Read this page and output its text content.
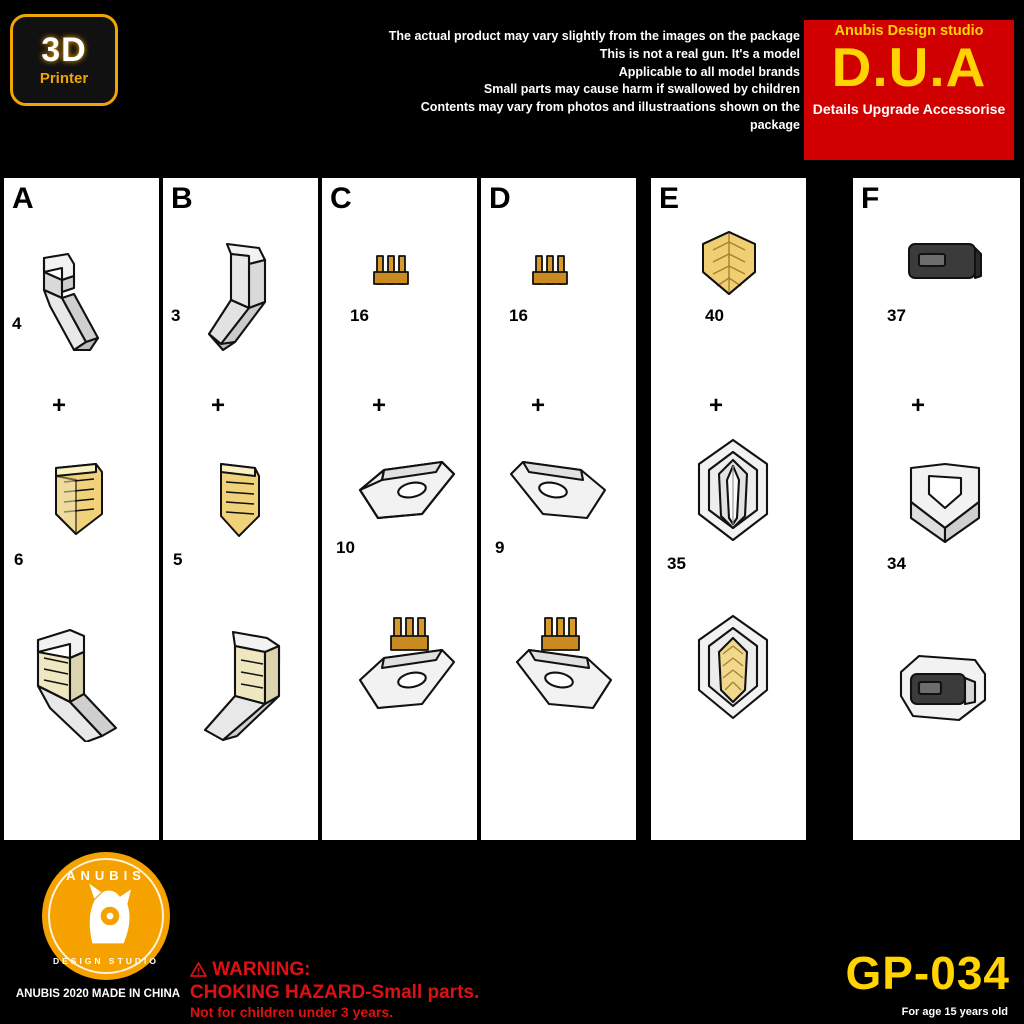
3D
Printer
The actual product may vary slightly from the images on the package
This is not a real gun. It's a model
Applicable to all model brands
Small parts may cause harm if swallowed by children
Contents may vary from photos and illustraations shown on the package
Anubis Design studio
D.U.A
Details Upgrade Accessorise
A
4
+
6
B
3
+
5
C
16
+
10
D
16
+
9
E
40
+
35
F
37
+
34
ANUBIS
DESIGN STUDIO
ANUBIS 2020 MADE IN CHINA
WARNING:
CHOKING HAZARD-Small parts.
Not for children under 3 years.
GP-034
For age 15 years old
